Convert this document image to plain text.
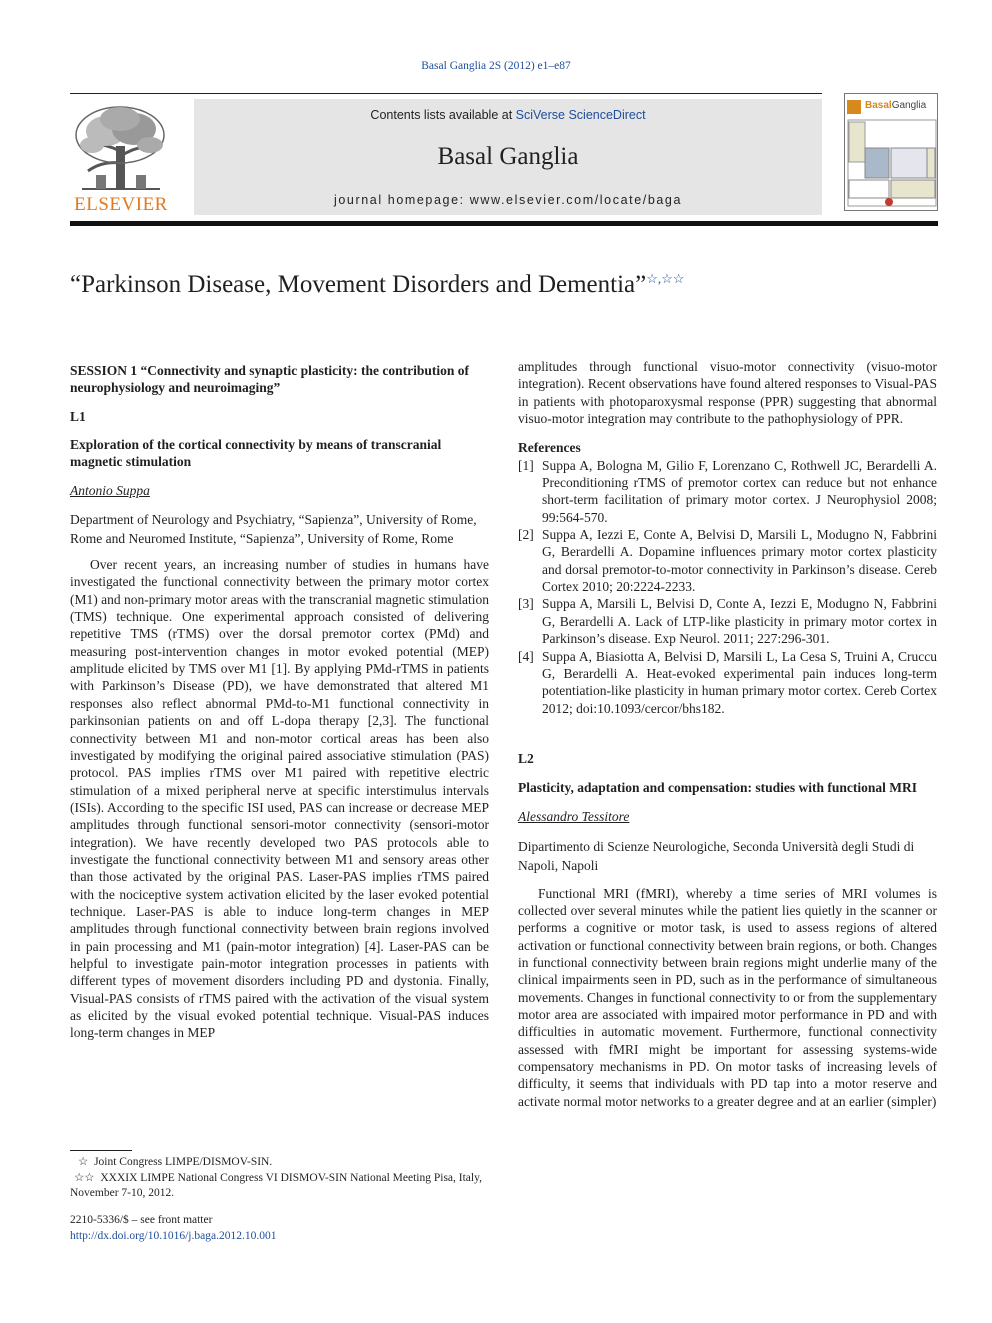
Basal Ganglia 2S (2012) e1–e87
ELSEVIER
Contents lists available at SciVerse ScienceDirect
Basal Ganglia
journal homepage: www.elsevier.com/locate/baga
BasalGanglia
“Parkinson Disease, Movement Disorders and Dementia”☆,☆☆

SESSION 1 “Connectivity and synaptic plasticity: the contribution of neurophysiology and neuroimaging”

L1

Exploration of the cortical connectivity by means of transcranial magnetic stimulation

Antonio Suppa

Department of Neurology and Psychiatry, “Sapienza”, University of Rome, Rome and Neuromed Institute, “Sapienza”, University of Rome, Rome

Over recent years, an increasing number of studies in humans have investigated the functional connectivity between the primary motor cortex (M1) and non-primary motor areas with the transcranial magnetic stimulation (TMS) technique. One experimental approach consisted of delivering repetitive TMS (rTMS) over the dorsal premotor cortex (PMd) and measuring post-intervention changes in motor evoked potential (MEP) amplitude elicited by TMS over M1 [1]. By applying PMd-rTMS in patients with Parkinson’s Disease (PD), we have demonstrated that altered M1 responses also reflect abnormal PMd-to-M1 functional connectivity in parkinsonian patients on and off L-dopa therapy [2,3]. The functional connectivity between M1 and non-motor cortical areas has been also investigated by modifying the original paired associative stimulation (PAS) protocol. PAS implies rTMS over M1 paired with repetitive electric stimulation of a mixed peripheral nerve at specific interstimulus intervals (ISIs). According to the specific ISI used, PAS can increase or decrease MEP amplitudes through functional sensori-motor connectivity (sensori-motor integration). We have recently developed two PAS protocols able to investigate the functional connectivity between M1 and sensory areas other than those activated by the original PAS. Laser-PAS implies rTMS paired with the nociceptive system activation elicited by the laser evoked potential technique. Laser-PAS is able to induce long-term changes in MEP amplitudes through functional connectivity between brain regions involved in pain processing and M1 (pain-motor integration) [4]. Laser-PAS can be helpful to investigate pain-motor integration processes in patients with different types of movement disorders including PD and dystonia. Finally, Visual-PAS consists of rTMS paired with the activation of the visual system as elicited by the visual evoked potential technique. Visual-PAS induces long-term changes in MEP

amplitudes through functional visuo-motor connectivity (visuo-motor integration). Recent observations have found altered responses to Visual-PAS in patients with photoparoxysmal response (PPR) suggesting that abnormal visuo-motor integration may contribute to the pathophysiology of PPR.

References

[1] Suppa A, Bologna M, Gilio F, Lorenzano C, Rothwell JC, Berardelli A. Preconditioning rTMS of premotor cortex can reduce but not enhance short-term facilitation of primary motor cortex. J Neurophysiol 2008; 99:564-570.
[2] Suppa A, Iezzi E, Conte A, Belvisi D, Marsili L, Modugno N, Fabbrini G, Berardelli A. Dopamine influences primary motor cortex plasticity and dorsal premotor-to-motor connectivity in Parkinson’s disease. Cereb Cortex 2010; 20:2224-2233.
[3] Suppa A, Marsili L, Belvisi D, Conte A, Iezzi E, Modugno N, Fabbrini G, Berardelli A. Lack of LTP-like plasticity in primary motor cortex in Parkinson’s disease. Exp Neurol. 2011; 227:296-301.
[4] Suppa A, Biasiotta A, Belvisi D, Marsili L, La Cesa S, Truini A, Cruccu G, Berardelli A. Heat-evoked experimental pain induces long-term potentiation-like plasticity in human primary motor cortex. Cereb Cortex 2012; doi:10.1093/cercor/bhs182.

L2

Plasticity, adaptation and compensation: studies with functional MRI

Alessandro Tessitore

Dipartimento di Scienze Neurologiche, Seconda Università degli Studi di Napoli, Napoli

Functional MRI (fMRI), whereby a time series of MRI volumes is collected over several minutes while the patient lies quietly in the scanner or performs a cognitive or motor task, is used to assess regions of altered activation or functional connectivity between brain regions, or both. Changes in functional connectivity between brain regions might underlie many of the clinical impairments seen in PD, such as in the performance of simultaneous movements. Changes in functional connectivity to or from the supplementary motor area are associated with impaired motor performance in PD and with difficulties in automatic movement. Furthermore, functional connectivity assessed with fMRI might be important for assessing systems-wide compensatory mechanisms in PD. On motor tasks of increasing levels of difficulty, it seems that individuals with PD tap into a motor reserve and activate normal motor networks to a greater degree and at an earlier (simpler)

☆ Joint Congress LIMPE/DISMOV-SIN.

☆☆ XXXIX LIMPE National Congress VI DISMOV-SIN National Meeting Pisa, Italy, November 7-10, 2012.

2210-5336/$ – see front matter

http://dx.doi.org/10.1016/j.baga.2012.10.001
